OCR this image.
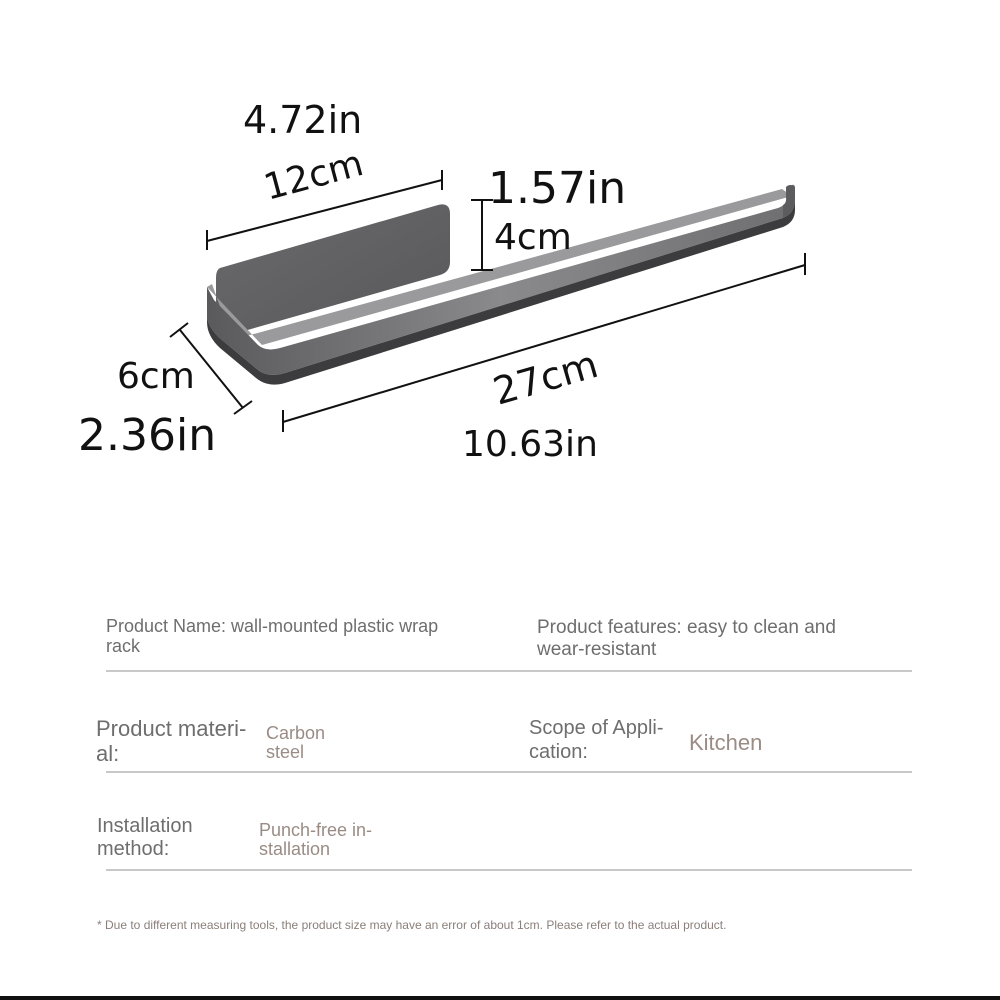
4.72in
12cm	1.57in
4cm
6cm
2.36in
27cm
10.63in
Product Name: wall-mounted plastic wrap rack
Product features: easy to clean and wear-resistant
Product materi-al:
Carbon steel
Scope of Appli-cation:	Kitchen
Installation method:
Punch-free in-stallation
* Due to different measuring tools, the product size may have an error of about 1cm. Please refer to the actual product.
